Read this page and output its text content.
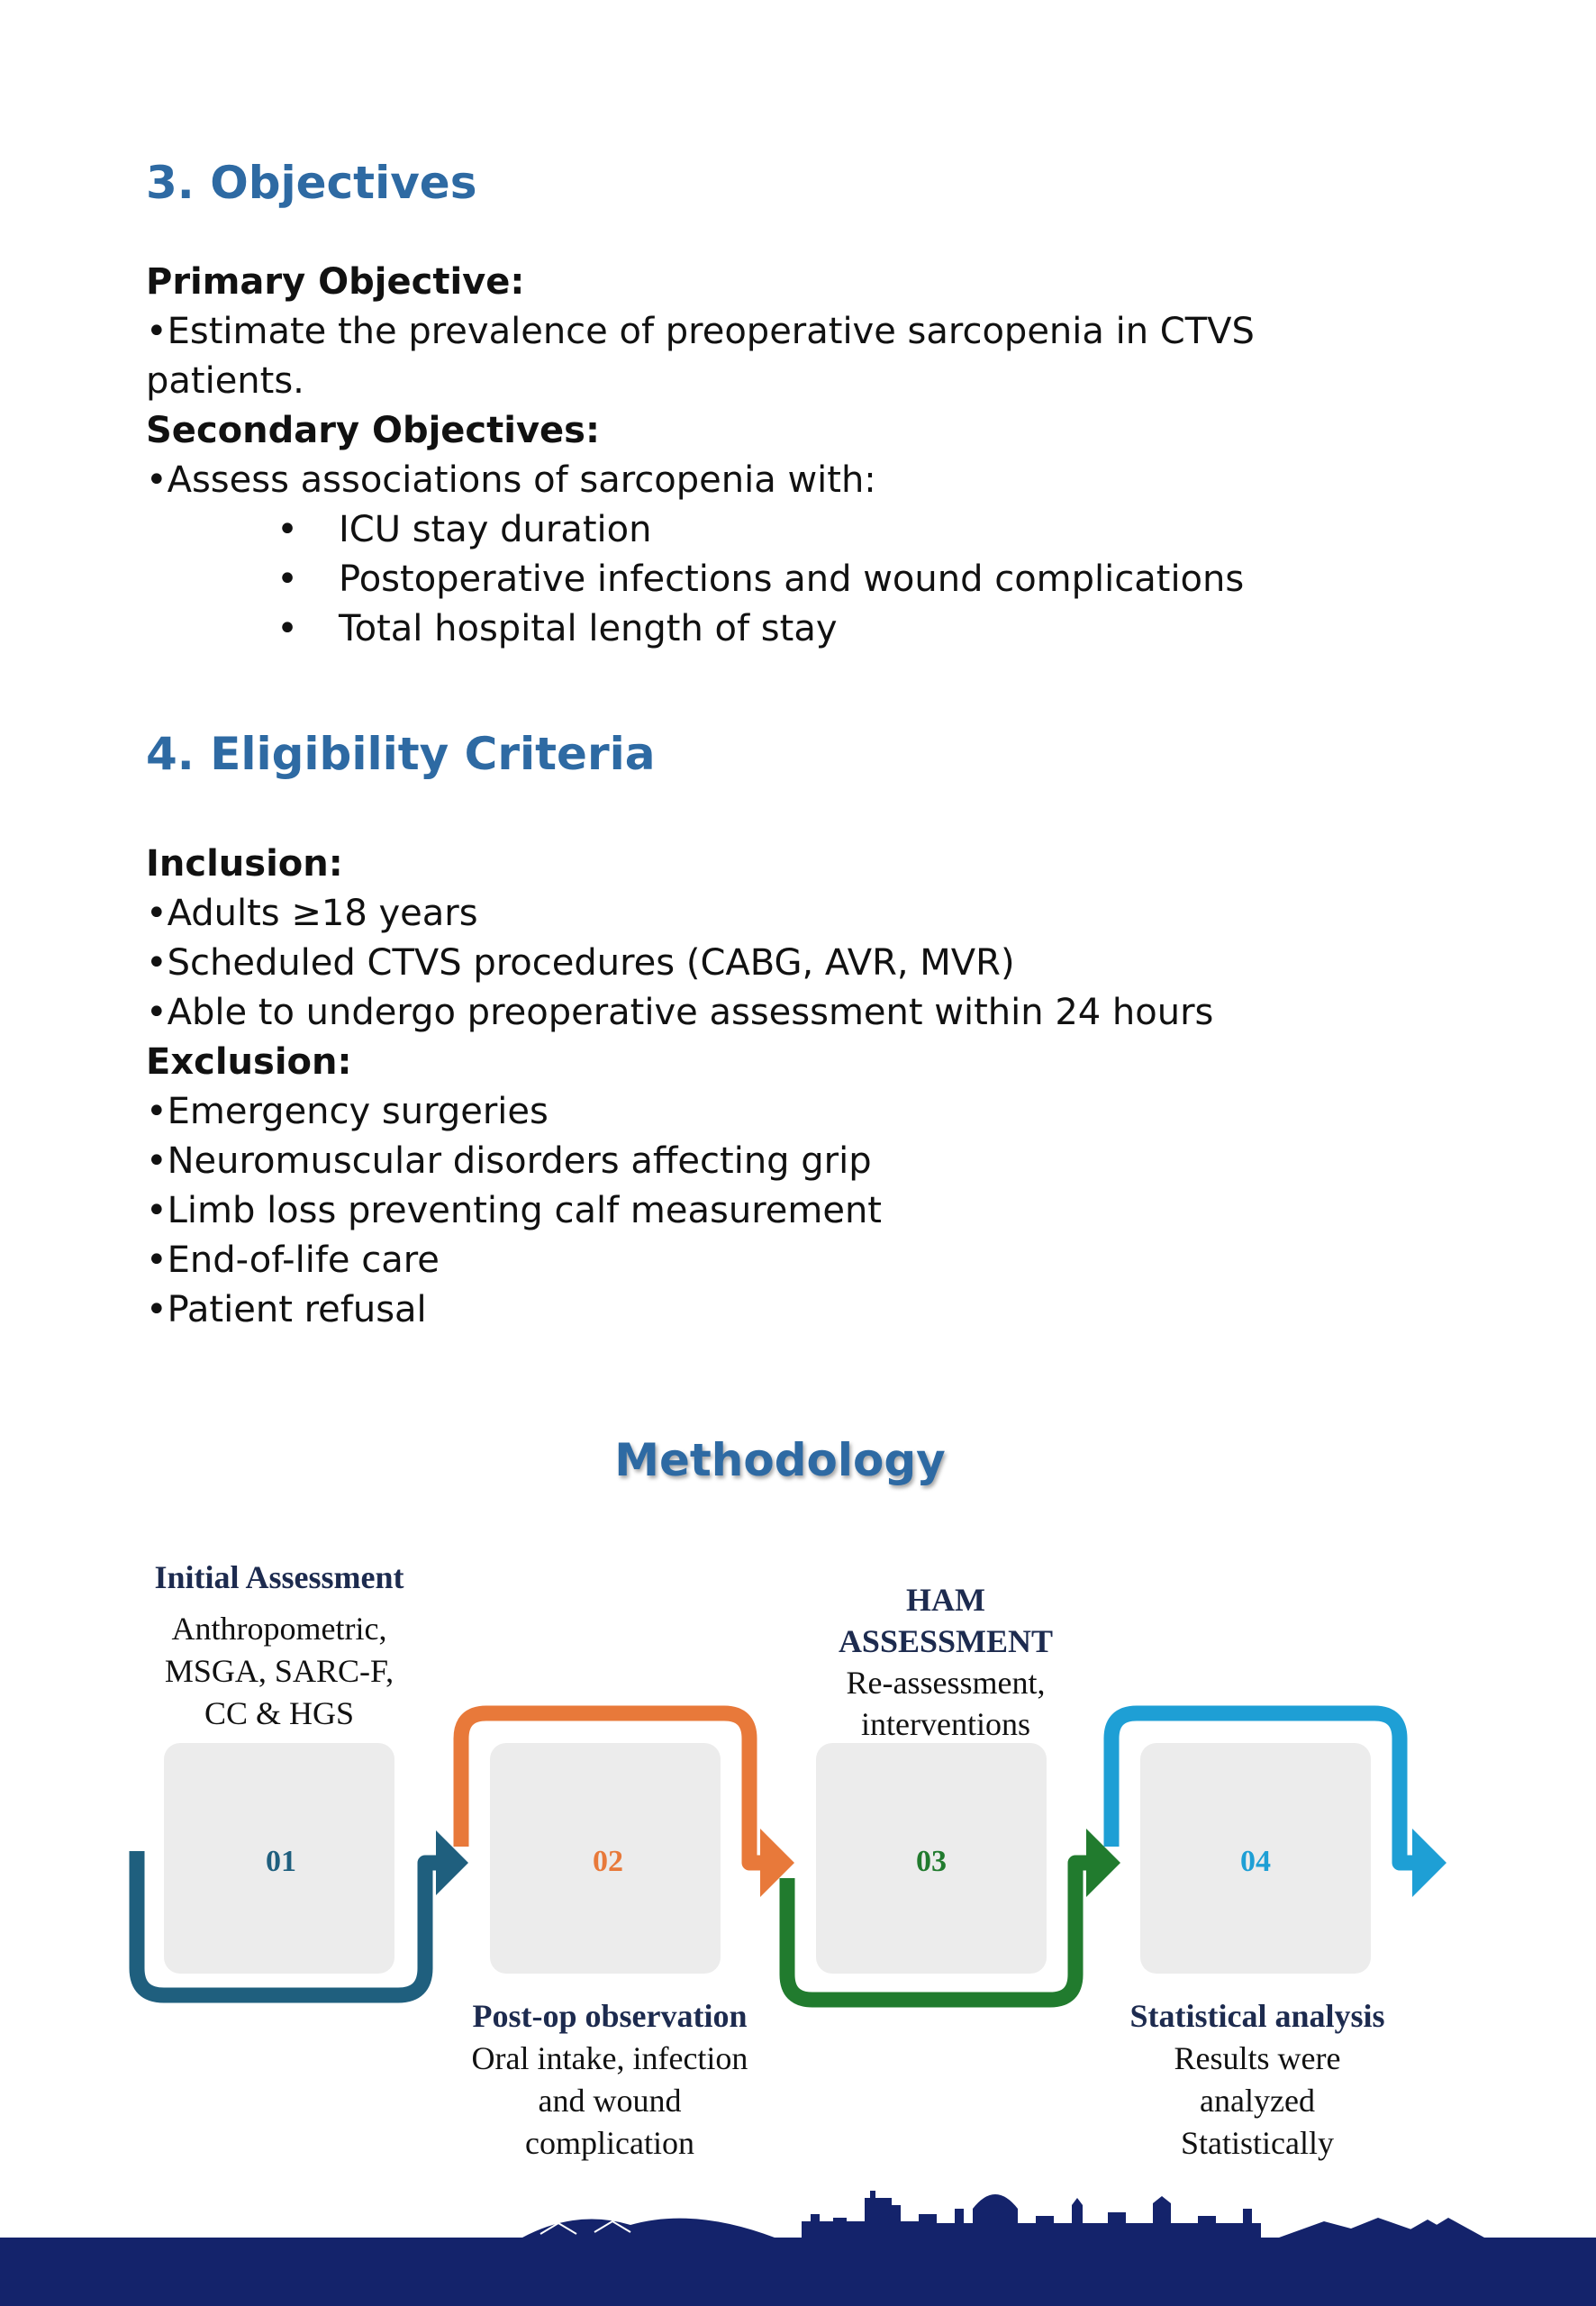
3. Objectives

Primary Objective:

•Estimate the prevalence of preoperative sarcopenia in CTVS

patients.

Secondary Objectives:

•Assess associations of sarcopenia with:

•	ICU stay duration
•	Postoperative infections and wound complications
•	Total hospital length of stay
4. Eligibility Criteria

Inclusion:

•Adults ≥18 years

•Scheduled CTVS procedures (CABG, AVR, MVR)

•Able to undergo preoperative assessment within 24 hours

Exclusion:

•Emergency surgeries

•Neuromuscular disorders affecting grip

•Limb loss preventing calf measurement

•End-of-life care

•Patient refusal

Methodology
01	02	03	04
Initial Assessment
Anthropometric,
MSGA, SARC-F,
CC & HGS
HAM
ASSESSMENT
Re-assessment,
interventions
Post-op observation
Oral intake, infection
and wound
complication
Statistical analysis
Results were
analyzed
Statistically
